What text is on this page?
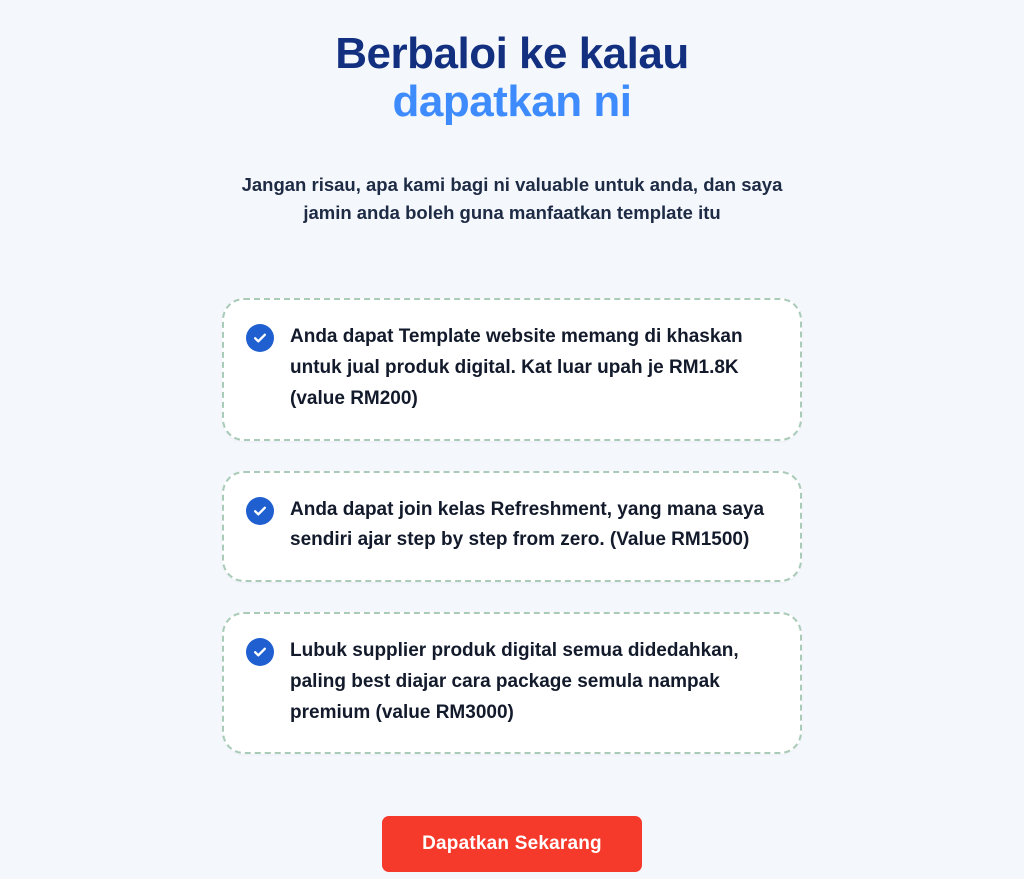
Berbaloi ke kalau
dapatkan ni

Jangan risau, apa kami bagi ni valuable untuk anda, dan saya jamin anda boleh guna manfaatkan template itu

Anda dapat Template website memang di khaskan untuk jual produk digital. Kat luar upah je RM1.8K (value RM200)
Anda dapat join kelas Refreshment, yang mana saya sendiri ajar step by step from zero. (Value RM1500)
Lubuk supplier produk digital semua didedahkan, paling best diajar cara package semula nampak premium (value RM3000)
Dapatkan Sekarang
